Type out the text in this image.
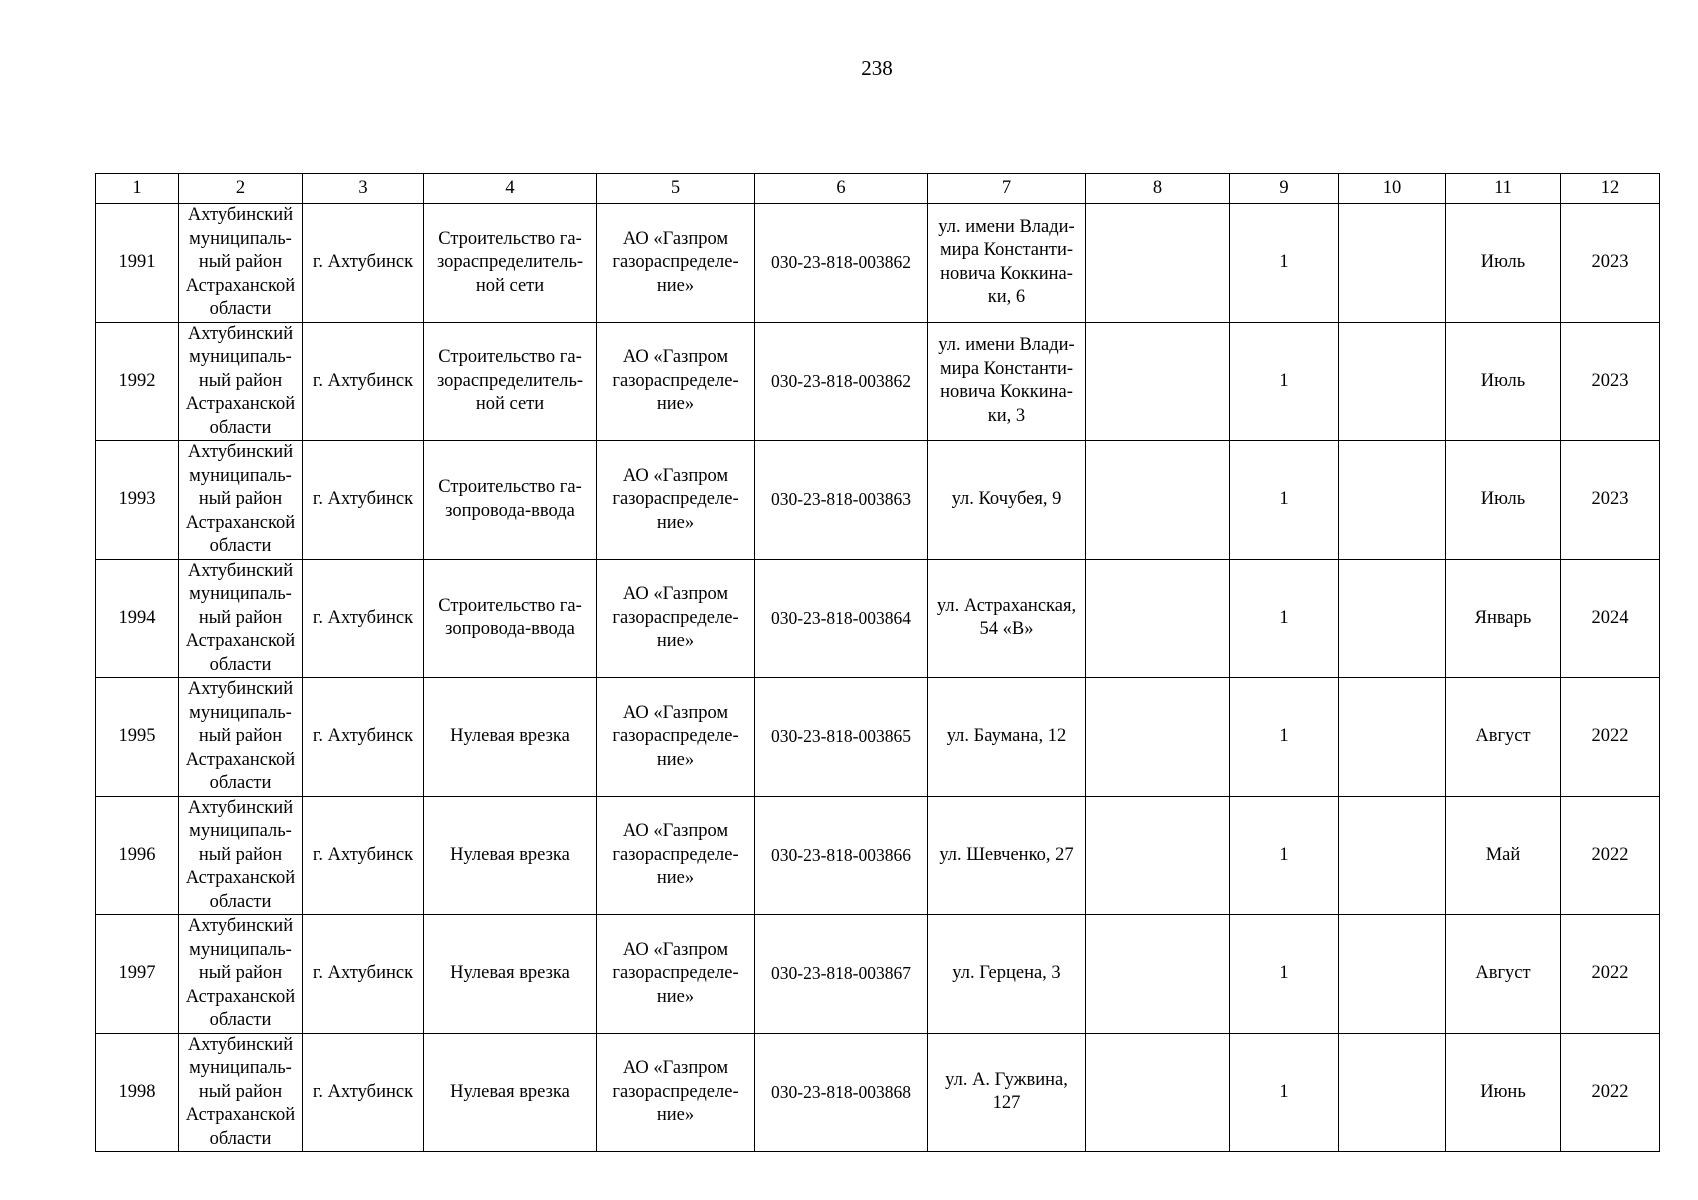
238
1	2	3	4	5	6	7	8	9	10	11	12
1991	Ахтубинский
муниципаль-
ный район
Астраханской
области	г. Ахтубинск	Строительство га-
зораспределитель-
ной сети	АО «Газпром
газораспределе-
ние»	030-23-818-003862	ул. имени Влади-
мира Константи-
новича Коккина-
ки, 6		1		Июль	2023
1992	Ахтубинский
муниципаль-
ный район
Астраханской
области	г. Ахтубинск	Строительство га-
зораспределитель-
ной сети	АО «Газпром
газораспределе-
ние»	030-23-818-003862	ул. имени Влади-
мира Константи-
новича Коккина-
ки, 3		1		Июль	2023
1993	Ахтубинский
муниципаль-
ный район
Астраханской
области	г. Ахтубинск	Строительство га-
зопровода-ввода	АО «Газпром
газораспределе-
ние»	030-23-818-003863	ул. Кочубея, 9		1		Июль	2023
1994	Ахтубинский
муниципаль-
ный район
Астраханской
области	г. Ахтубинск	Строительство га-
зопровода-ввода	АО «Газпром
газораспределе-
ние»	030-23-818-003864	ул. Астраханская,
54 «В»		1		Январь	2024
1995	Ахтубинский
муниципаль-
ный район
Астраханской
области	г. Ахтубинск	Нулевая врезка	АО «Газпром
газораспределе-
ние»	030-23-818-003865	ул. Баумана, 12		1		Август	2022
1996	Ахтубинский
муниципаль-
ный район
Астраханской
области	г. Ахтубинск	Нулевая врезка	АО «Газпром
газораспределе-
ние»	030-23-818-003866	ул. Шевченко, 27		1		Май	2022
1997	Ахтубинский
муниципаль-
ный район
Астраханской
области	г. Ахтубинск	Нулевая врезка	АО «Газпром
газораспределе-
ние»	030-23-818-003867	ул. Герцена, 3		1		Август	2022
1998	Ахтубинский
муниципаль-
ный район
Астраханской
области	г. Ахтубинск	Нулевая врезка	АО «Газпром
газораспределе-
ние»	030-23-818-003868	ул. А. Гужвина,
127		1		Июнь	2022
